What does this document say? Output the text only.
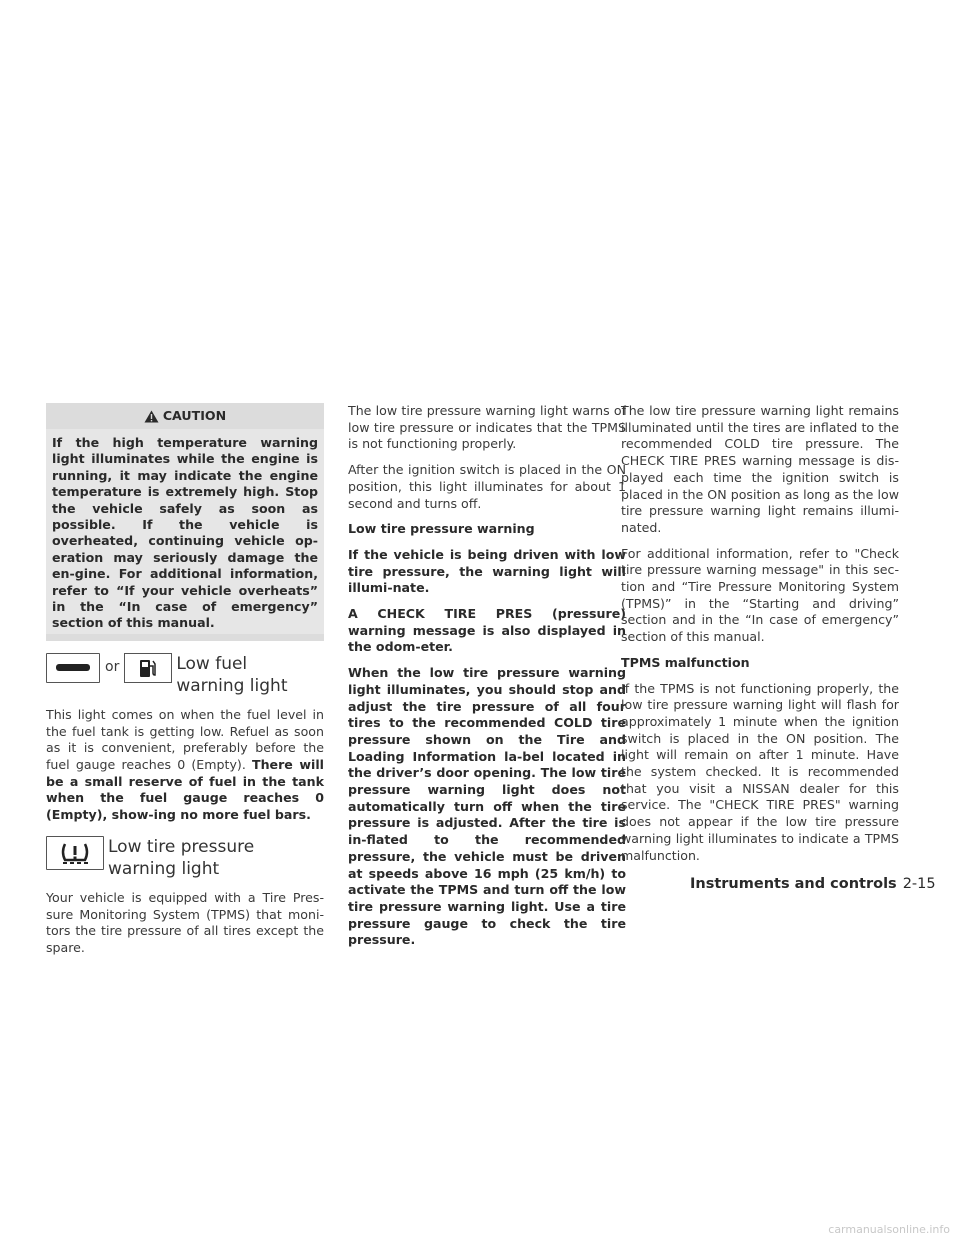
CAUTION
If the high temperature warning light illuminates while the engine is running, it may indicate the engine temperature is extremely high. Stop the vehicle safely as soon as possible. If the vehicle is overheated, continuing vehicle op-eration may seriously damage the en-gine. For additional information, refer to “If your vehicle overheats” in the “In case of emergency” section of this manual.
or	Low fuel warning light

This light comes on when the fuel level in the fuel tank is getting low. Refuel as soon as it is convenient, preferably before the fuel gauge reaches 0 (Empty). There will be a small reserve of fuel in the tank when the fuel gauge reaches 0 (Empty), show-ing no more fuel bars.

Low tire pressure warning light

Your vehicle is equipped with a Tire Pres-sure Monitoring System (TPMS) that moni-tors the tire pressure of all tires except the spare.

The low tire pressure warning light warns of low tire pressure or indicates that the TPMS is not functioning properly.

After the ignition switch is placed in the ON position, this light illuminates for about 1 second and turns off.

Low tire pressure warning

If the vehicle is being driven with low tire pressure, the warning light will illumi-nate.

A CHECK TIRE PRES (pressure) warning message is also displayed in the odom-eter.

When the low tire pressure warning light illuminates, you should stop and adjust the tire pressure of all four tires to the recommended COLD tire pressure shown on the Tire and Loading Information la-bel located in the driver’s door opening. The low tire pressure warning light does not automatically turn off when the tire pressure is adjusted. After the tire is in-flated to the recommended pressure, the vehicle must be driven at speeds above 16 mph (25 km/h) to activate the TPMS and turn off the low tire pressure warning light. Use a tire pressure gauge to check the tire pressure.

The low tire pressure warning light remains illuminated until the tires are inflated to the recommended COLD tire pressure. The CHECK TIRE PRES warning message is dis-played each time the ignition switch is placed in the ON position as long as the low tire pressure warning light remains illumi-nated.

For additional information, refer to "Check tire pressure warning message" in this sec-tion and “Tire Pressure Monitoring System (TPMS)” in the “Starting and driving” section and in the “In case of emergency” section of this manual.

TPMS malfunction

If the TPMS is not functioning properly, the low tire pressure warning light will flash for approximately 1 minute when the ignition switch is placed in the ON position. The light will remain on after 1 minute. Have the system checked. It is recommended that you visit a NISSAN dealer for this service. The "CHECK TIRE PRES" warning does not appear if the low tire pressure warning light illuminates to indicate a TPMS malfunction.

Instruments and controls 2-15
carmanualsonline.info
